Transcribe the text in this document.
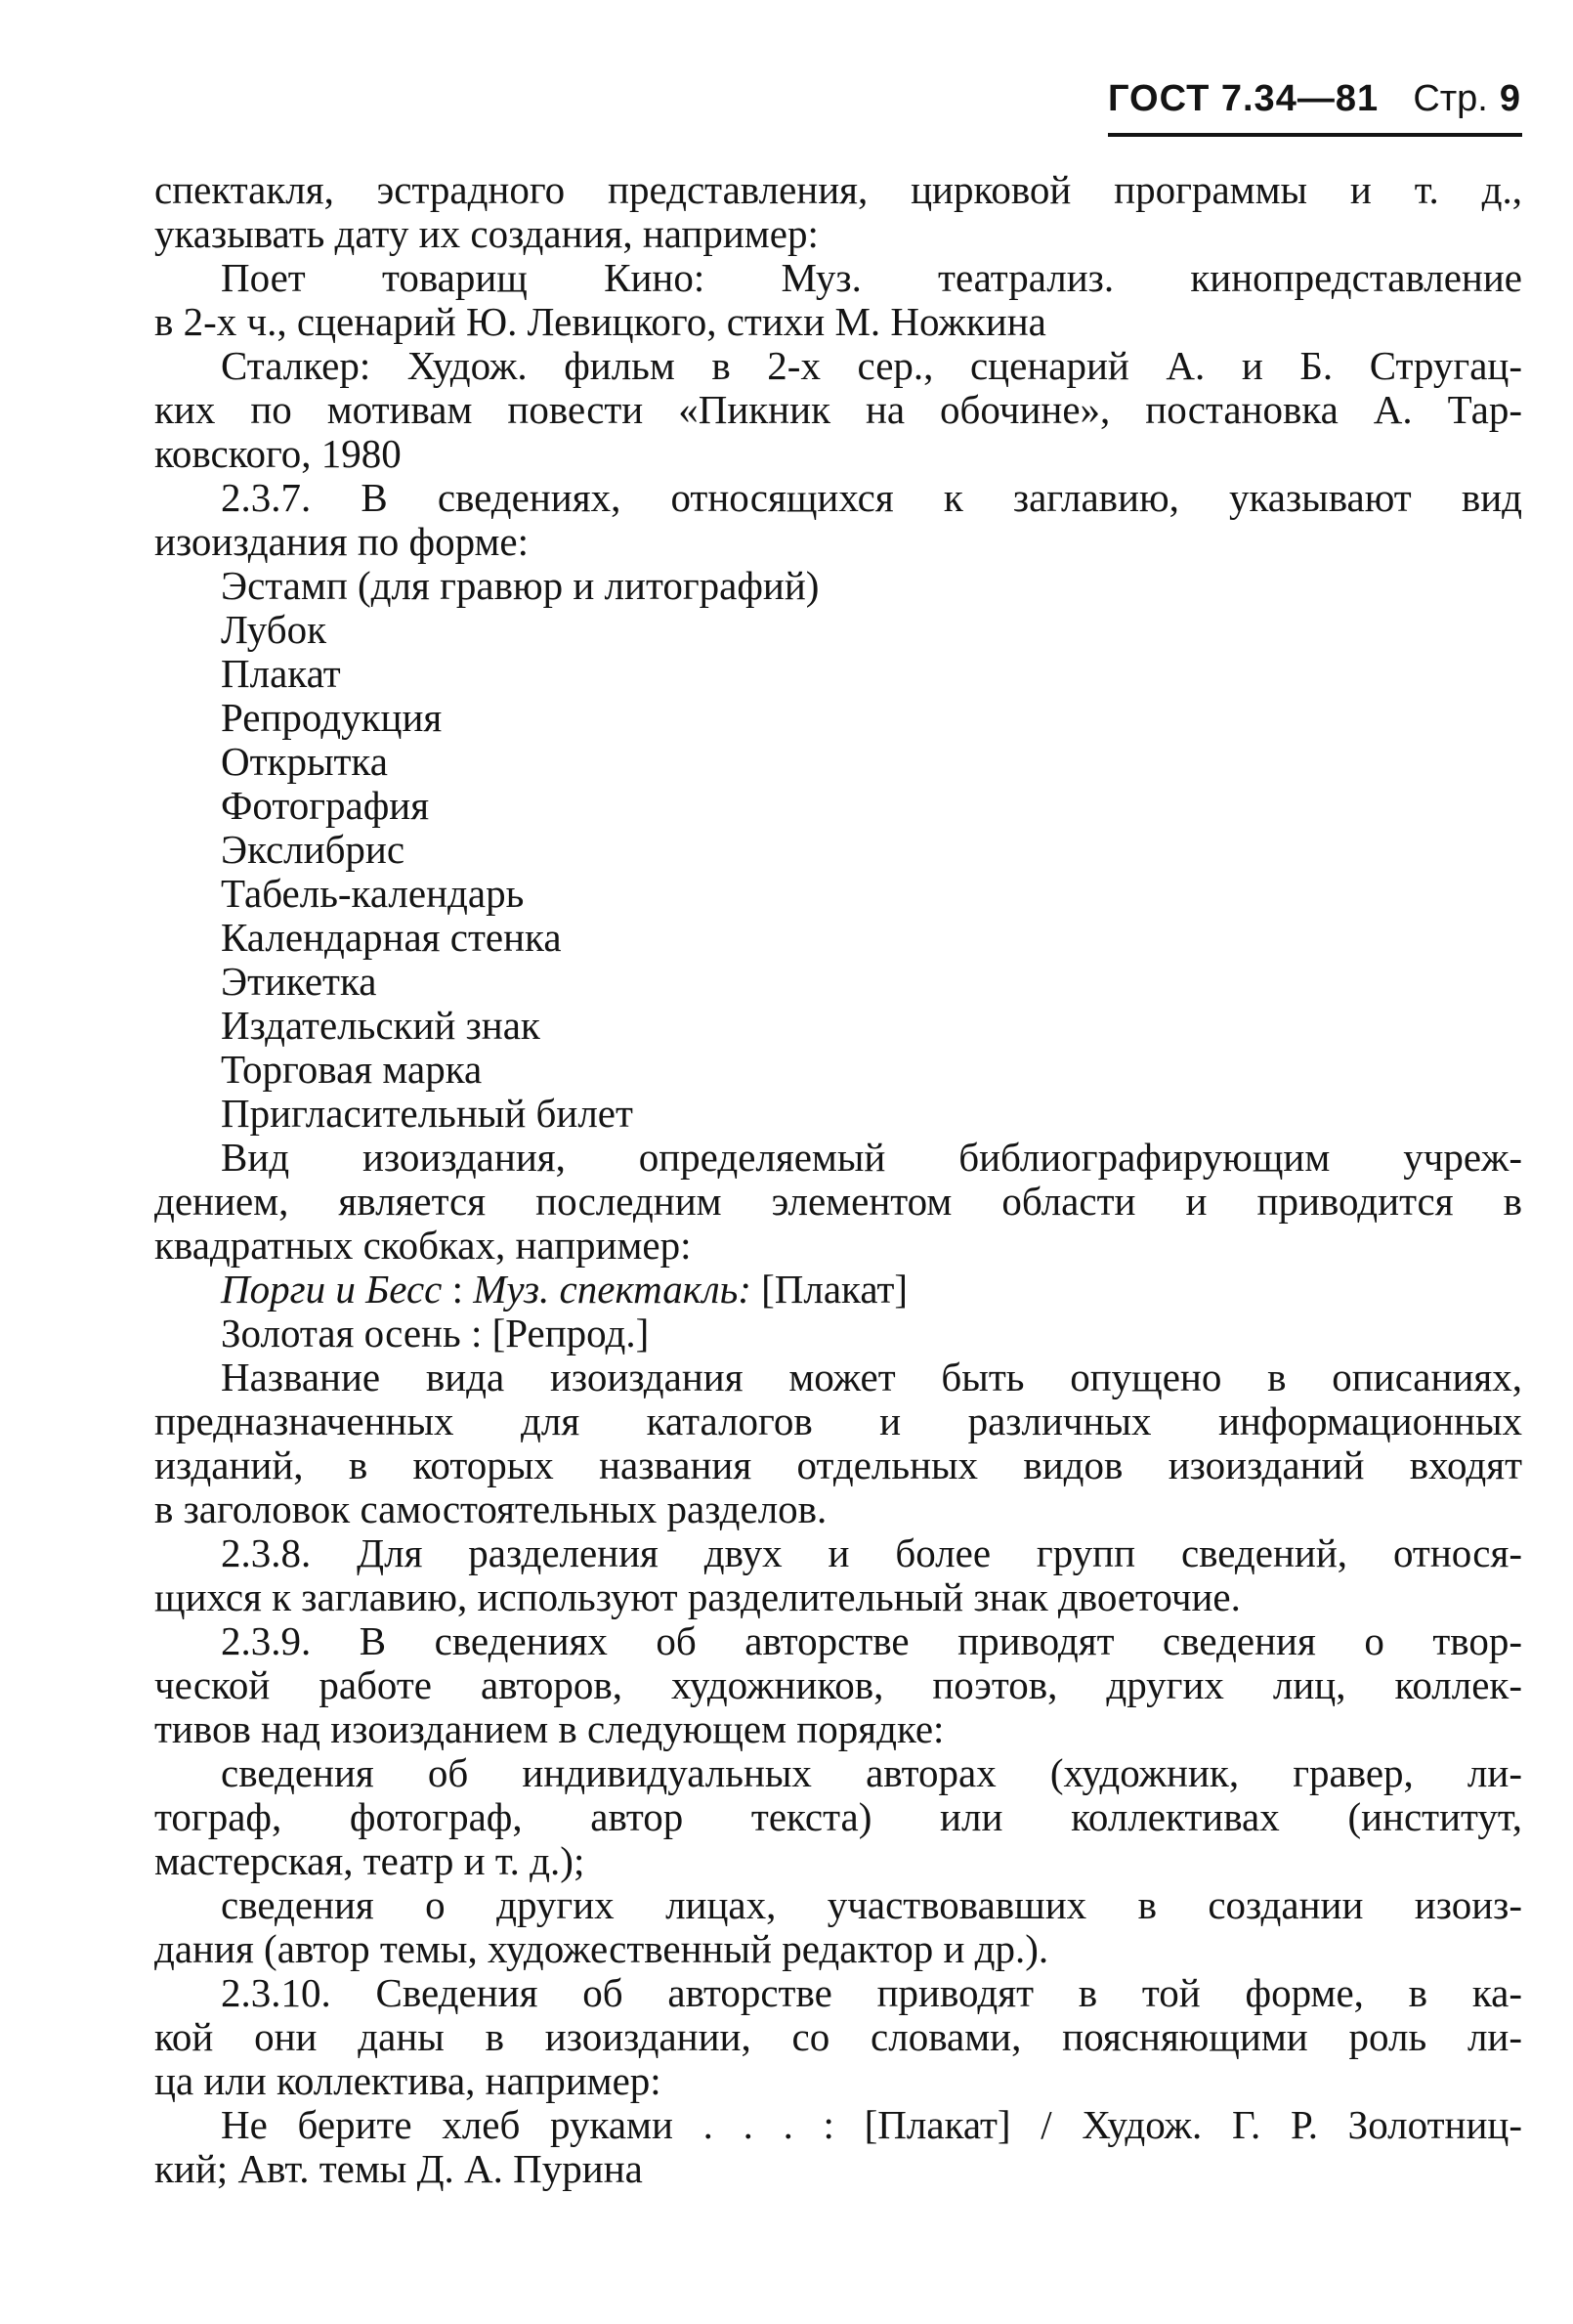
ГОСТ 7.34—81 Стр. 9
спектакля, эстрадного представления, цирковой программы и т. д.,
указывать дату их создания, например:
Поет товарищ Кино: Муз. театрализ. кинопредставление
в 2-х ч., сценарий Ю. Левицкого, стихи М. Ножкина
Сталкер: Худож. фильм в 2-х сер., сценарий А. и Б. Стругац-
ких по мотивам повести «Пикник на обочине», постановка А. Тар-
ковского, 1980
2.3.7. В сведениях, относящихся к заглавию, указывают вид
изоиздания по форме:
Эстамп (для гравюр и литографий)
Лубок
Плакат
Репродукция
Открытка
Фотография
Экслибрис
Табель-календарь
Календарная стенка
Этикетка
Издательский знак
Торговая марка
Пригласительный билет
Вид изоиздания, определяемый библиографирующим учреж-
дением, является последним элементом области и приводится в
квадратных скобках, например:
Порги и Бесс : Муз. спектакль: [Плакат]
Золотая осень : [Репрод.]
Название вида изоиздания может быть опущено в описаниях,
предназначенных для каталогов и различных информационных
изданий, в которых названия отдельных видов изоизданий входят
в заголовок самостоятельных разделов.
2.3.8. Для разделения двух и более групп сведений, относя-
щихся к заглавию, используют разделительный знак двоеточие.
2.3.9. В сведениях об авторстве приводят сведения о твор-
ческой работе авторов, художников, поэтов, других лиц, коллек-
тивов над изоизданием в следующем порядке:
сведения об индивидуальных авторах (художник, гравер, ли-
тограф, фотограф, автор текста) или коллективах (институт,
мастерская, театр и т. д.);
сведения о других лицах, участвовавших в создании изоиз-
дания (автор темы, художественный редактор и др.).
2.3.10. Сведения об авторстве приводят в той форме, в ка-
кой они даны в изоиздании, со словами, поясняющими роль ли-
ца или коллектива, например:
Не берите хлеб руками . . . : [Плакат] / Худож. Г. Р. Золотниц-
кий; Авт. темы Д. А. Пурина
